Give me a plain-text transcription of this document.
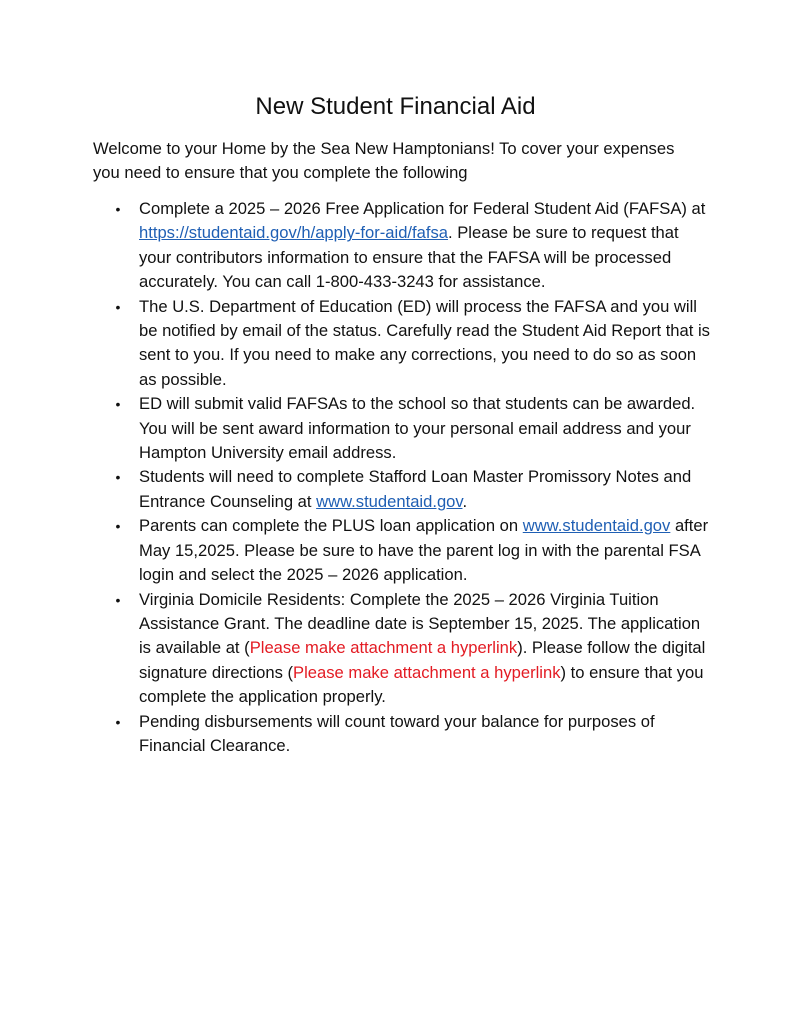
New Student Financial Aid

Welcome to your Home by the Sea New Hamptonians! To cover your expenses you need to ensure that you complete the following

• Complete a 2025 – 2026 Free Application for Federal Student Aid (FAFSA) at https://studentaid.gov/h/apply-for-aid/fafsa. Please be sure to request that your contributors information to ensure that the FAFSA will be processed accurately. You can call 1-800-433-3243 for assistance.
• The U.S. Department of Education (ED) will process the FAFSA and you will be notified by email of the status. Carefully read the Student Aid Report that is sent to you. If you need to make any corrections, you need to do so as soon as possible.
• ED will submit valid FAFSAs to the school so that students can be awarded. You will be sent award information to your personal email address and your Hampton University email address.
• Students will need to complete Stafford Loan Master Promissory Notes and Entrance Counseling at www.studentaid.gov.
• Parents can complete the PLUS loan application on www.studentaid.gov after May 15,2025. Please be sure to have the parent log in with the parental FSA login and select the 2025 – 2026 application.
• Virginia Domicile Residents: Complete the 2025 – 2026 Virginia Tuition Assistance Grant. The deadline date is September 15, 2025. The application is available at (Please make attachment a hyperlink). Please follow the digital signature directions (Please make attachment a hyperlink) to ensure that you complete the application properly.
• Pending disbursements will count toward your balance for purposes of Financial Clearance.
